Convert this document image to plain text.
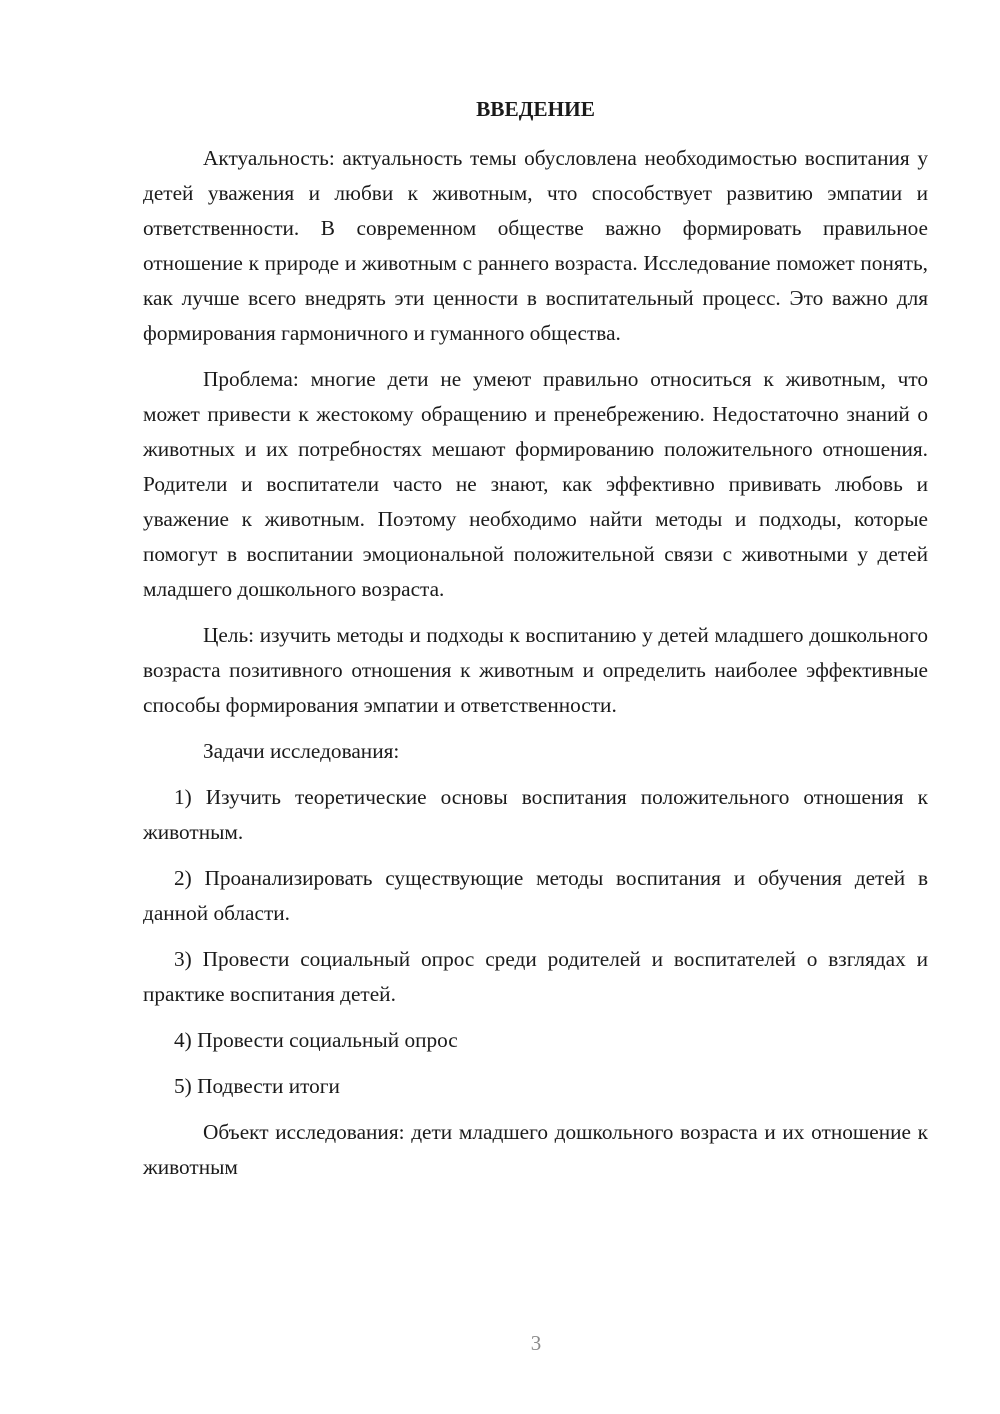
ВВЕДЕНИЕ

Актуальность: актуальность темы обусловлена необходимостью воспитания у детей уважения и любви к животным, что способствует развитию эмпатии и ответственности. В современном обществе важно формировать правильное отношение к природе и животным с раннего возраста. Исследование поможет понять, как лучше всего внедрять эти ценности в воспитательный процесс. Это важно для формирования гармоничного и гуманного общества.

Проблема: многие дети не умеют правильно относиться к животным, что может привести к жестокому обращению и пренебрежению. Недостаточно знаний о животных и их потребностях мешают формированию положительного отношения. Родители и воспитатели часто не знают, как эффективно прививать любовь и уважение к животным. Поэтому необходимо найти методы и подходы, которые помогут в воспитании эмоциональной положительной связи с животными у детей младшего дошкольного возраста.

Цель: изучить методы и подходы к воспитанию у детей младшего дошкольного возраста позитивного отношения к животным и определить наиболее эффективные способы формирования эмпатии и ответственности.

Задачи исследования:

1) Изучить теоретические основы воспитания положительного отношения к животным.

2) Проанализировать существующие методы воспитания и обучения детей в данной области.

3) Провести социальный опрос среди родителей и воспитателей о взглядах и практике воспитания детей.

4) Провести социальный опрос

5) Подвести итоги

Объект исследования: дети младшего дошкольного возраста и их отношение к животным

3
